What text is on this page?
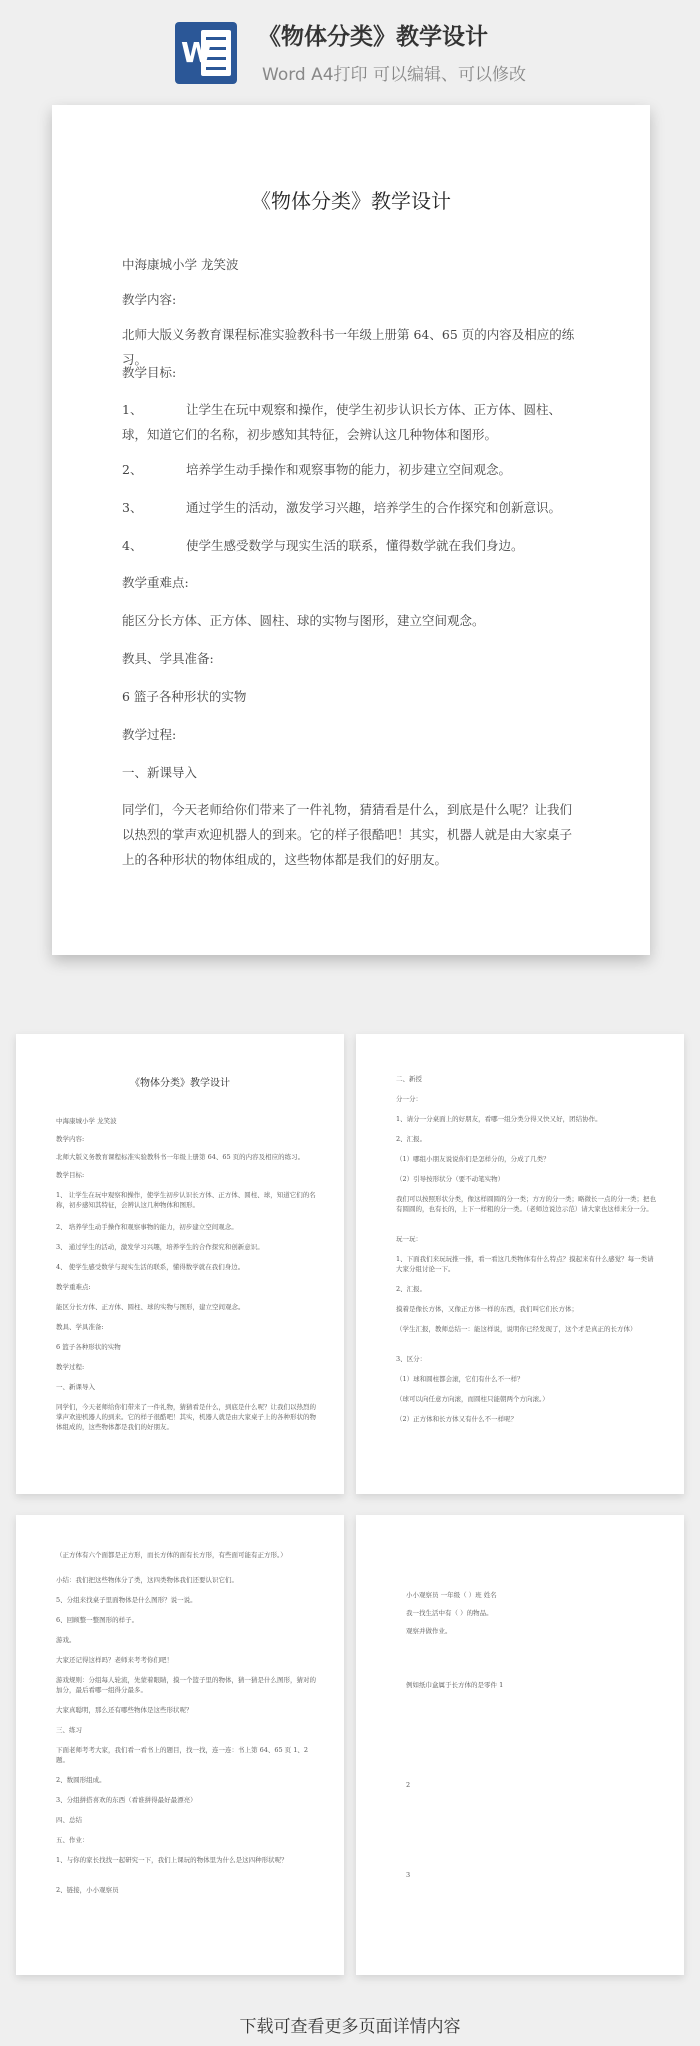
W 《物体分类》教学设计
Word A4打印 可以编辑、可以修改
《物体分类》教学设计

中海康城小学 龙笑波

教学内容:

北师大版义务教育课程标准实验教科书一年级上册第 64、65 页的内容及相应的练习。

教学目标:

1、	让学生在玩中观察和操作，使学生初步认识长方体、正方体、圆柱、球，知道它们的名称，初步感知其特征，会辨认这几种物体和图形。

2、	培养学生动手操作和观察事物的能力，初步建立空间观念。

3、	通过学生的活动，激发学习兴趣，培养学生的合作探究和创新意识。

4、	使学生感受数学与现实生活的联系，懂得数学就在我们身边。

教学重难点:

能区分长方体、正方体、圆柱、球的实物与图形，建立空间观念。

教具、学具准备:

6 篮子各种形状的实物

教学过程:

一、新课导入

同学们，今天老师给你们带来了一件礼物，猜猜看是什么，到底是什么呢？让我们以热烈的掌声欢迎机器人的到来。它的样子很酷吧！其实，机器人就是由大家桌子上的各种形状的物体组成的，这些物体都是我们的好朋友。

《物体分类》教学设计

中海康城小学 龙笑波

教学内容:

北师大版义务教育课程标准实验教科书一年级上册第 64、65 页的内容及相应的练习。

教学目标:

1、 让学生在玩中观察和操作，使学生初步认识长方体、正方体、圆柱、球，知道它们的名称，初步感知其特征，会辨认这几种物体和图形。

2、 培养学生动手操作和观察事物的能力，初步建立空间观念。

3、 通过学生的活动，激发学习兴趣，培养学生的合作探究和创新意识。

4、 使学生感受数学与现实生活的联系，懂得数学就在我们身边。

教学重难点:

能区分长方体、正方体、圆柱、球的实物与图形，建立空间观念。

教具、学具准备:

6 篮子各种形状的实物

教学过程:

一、新课导入

同学们，今天老师给你们带来了一件礼物，猜猜看是什么，到底是什么呢？让我们以热烈的掌声欢迎机器人的到来。它的样子很酷吧！其实，机器人就是由大家桌子上的各种形状的物体组成的，这些物体都是我们的好朋友。

二、新授

分一分：

1、请分一分桌面上的好朋友，看哪一组分类分得又快又好，团结协作。

2、汇报。

（1）哪组小朋友说说你们是怎样分的，分成了几类？

（2）引导按形状分（要不动笔实物）

我们可以按照形状分类，像这样圆圆的分一类；方方的分一类；略微长一点的分一类；把也有圆圆的，也有长的，上下一样粗的分一类。（老师边说边示范）请大家也这样来分一分。

玩一玩：

1、下面我们来玩玩推一推，看一看这几类物体有什么特点？摸起来有什么感觉？每一类请大家分组讨论一下。

2、汇报。

摸着是像长方体，又像正方体一样的东西，我们叫它们长方体；

（学生汇报，教师总结一：能这样说，说明你已经发现了，这个才是真正的长方体）

3、区分：

（1）球和圆柱都会滚，它们有什么不一样？

（球可以向任意方向滚，而圆柱只能朝两个方向滚。）

（2）正方体和长方体又有什么不一样呢？

（正方体有六个面都是正方形，而长方体的面有长方形，有些面可能有正方形。）

小结：我们把这些物体分了类，这四类物体我们还要认识它们。

5、分组来找桌子里面物体是什么图形？说一说。

6、回顾整一整图形的样子。

游戏。

大家还记得这样吗？老师来考考你们吧！

游戏规则：分组每人轮流，先蒙着眼睛，摸一个篮子里的物体，猜一猜是什么图形，猜对的加分，最后看哪一组得分最多。

大家真聪明，那么还有哪些物体是这些形状呢？

三、练习

下面老师考考大家，我们看一看书上的题目，找一找，连一连：书上第 64、65 页 1、2 题。

2、数圆形组成。

3、分组拼搭喜欢的东西（看谁拼得最好最漂亮）

四、总结

五、作业：

1、与你的家长找找一起研究一下，我们上课玩的物体里为什么是这四种形状呢？

2、链接，小小观察员

小小观察员 一年级（ ）班 姓名

我一找生活中有（ ）的物品。

观察并做作业。

例如纸巾盒属于长方体的是零件 1

2

3

下载可查看更多页面详情内容
